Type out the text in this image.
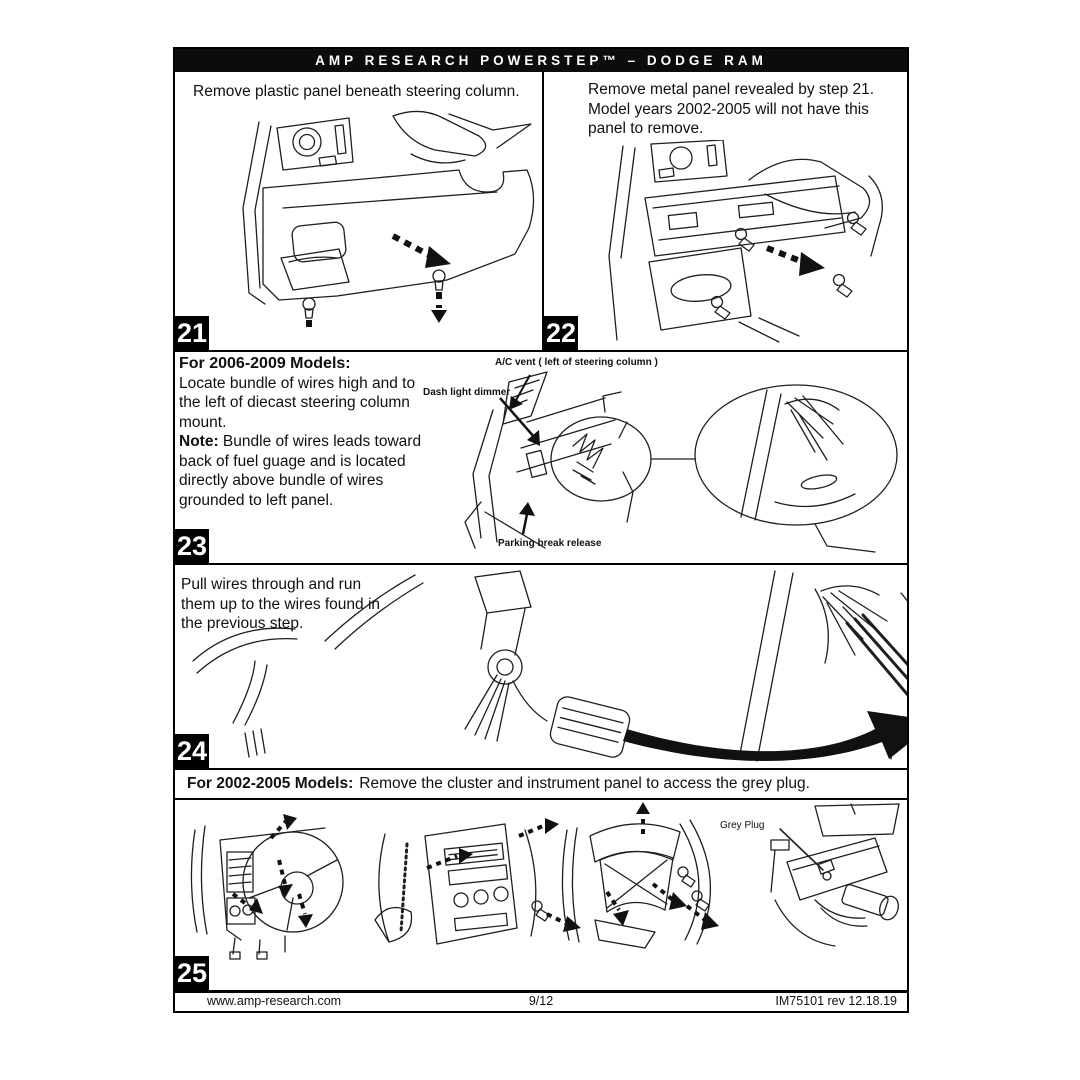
AMP RESEARCH POWERSTEP™ – DODGE RAM
Remove plastic panel beneath steering column.
21
Remove metal panel revealed by step 21. Model years 2002-2005 will not have this panel to remove.
22
For 2006-2009 Models:
Locate bundle of wires high and to the left of diecast steering column mount.
Note: Bundle of wires leads toward back of fuel guage and is located directly above bundle of wires grounded to left panel.
A/C vent ( left of steering column )
Dash light dimmer
Parking break release
23
Pull wires through and run them up to the wires found in the previous step.
24
For 2002-2005 Models: Remove the cluster and instrument panel to access the grey plug.
Grey Plug
25
www.amp-research.com	9/12	IM75101 rev 12.18.19
